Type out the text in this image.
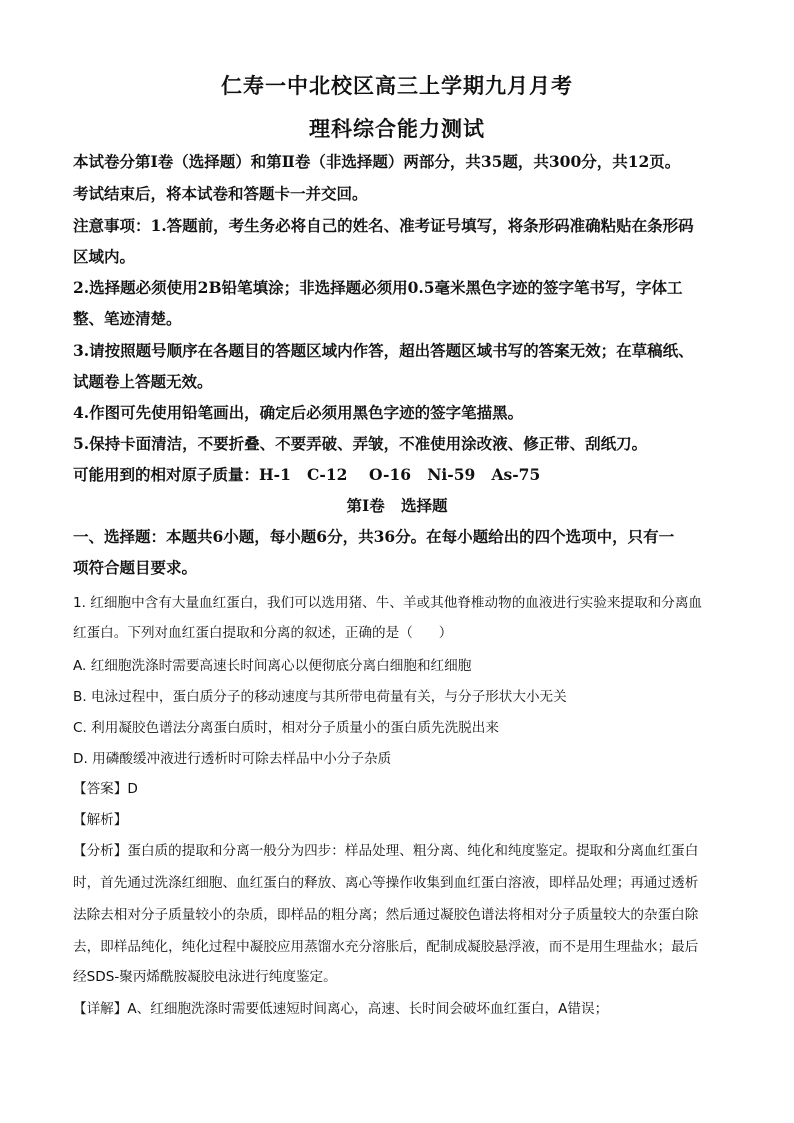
仁寿一中北校区高三上学期九月月考
理科综合能力测试
本试卷分第Ⅰ卷（选择题）和第Ⅱ卷（非选择题）两部分，共35题，共300分，共12页。
考试结束后，将本试卷和答题卡一并交回。
注意事项：1.答题前，考生务必将自己的姓名、准考证号填写，将条形码准确粘贴在条形码
区域内。
2.选择题必须使用2B铅笔填涂；非选择题必须用0.5毫米黑色字迹的签字笔书写，字体工
整、笔迹清楚。
3.请按照题号顺序在各题目的答题区域内作答，超出答题区域书写的答案无效；在草稿纸、
试题卷上答题无效。
4.作图可先使用铅笔画出，确定后必须用黑色字迹的签字笔描黑。
5.保持卡面清洁，不要折叠、不要弄破、弄皱，不准使用涂改液、修正带、刮纸刀。
可能用到的相对原子质量：H-1   C-12    O-16   Ni-59   As-75
第Ⅰ卷   选择题
一、选择题：本题共6小题，每小题6分，共36分。在每小题给出的四个选项中，只有一
项符合题目要求。
1. 红细胞中含有大量血红蛋白，我们可以选用猪、牛、羊或其他脊椎动物的血液进行实验来提取和分离血
红蛋白。下列对血红蛋白提取和分离的叙述，正确的是（      ）
A. 红细胞洗涤时需要高速长时间离心以便彻底分离白细胞和红细胞
B. 电泳过程中，蛋白质分子的移动速度与其所带电荷量有关，与分子形状大小无关
C. 利用凝胶色谱法分离蛋白质时，相对分子质量小的蛋白质先洗脱出来
D. 用磷酸缓冲液进行透析时可除去样品中小分子杂质
【答案】D
【解析】
【分析】蛋白质的提取和分离一般分为四步：样品处理、粗分离、纯化和纯度鉴定。提取和分离血红蛋白
时，首先通过洗涤红细胞、血红蛋白的释放、离心等操作收集到血红蛋白溶液，即样品处理；再通过透析
法除去相对分子质量较小的杂质，即样品的粗分离；然后通过凝胶色谱法将相对分子质量较大的杂蛋白除
去，即样品纯化，纯化过程中凝胶应用蒸馏水充分溶胀后，配制成凝胶悬浮液，而不是用生理盐水；最后
经SDS-聚丙烯酰胺凝胶电泳进行纯度鉴定。
【详解】A、红细胞洗涤时需要低速短时间离心，高速、长时间会破坏血红蛋白，A错误；
